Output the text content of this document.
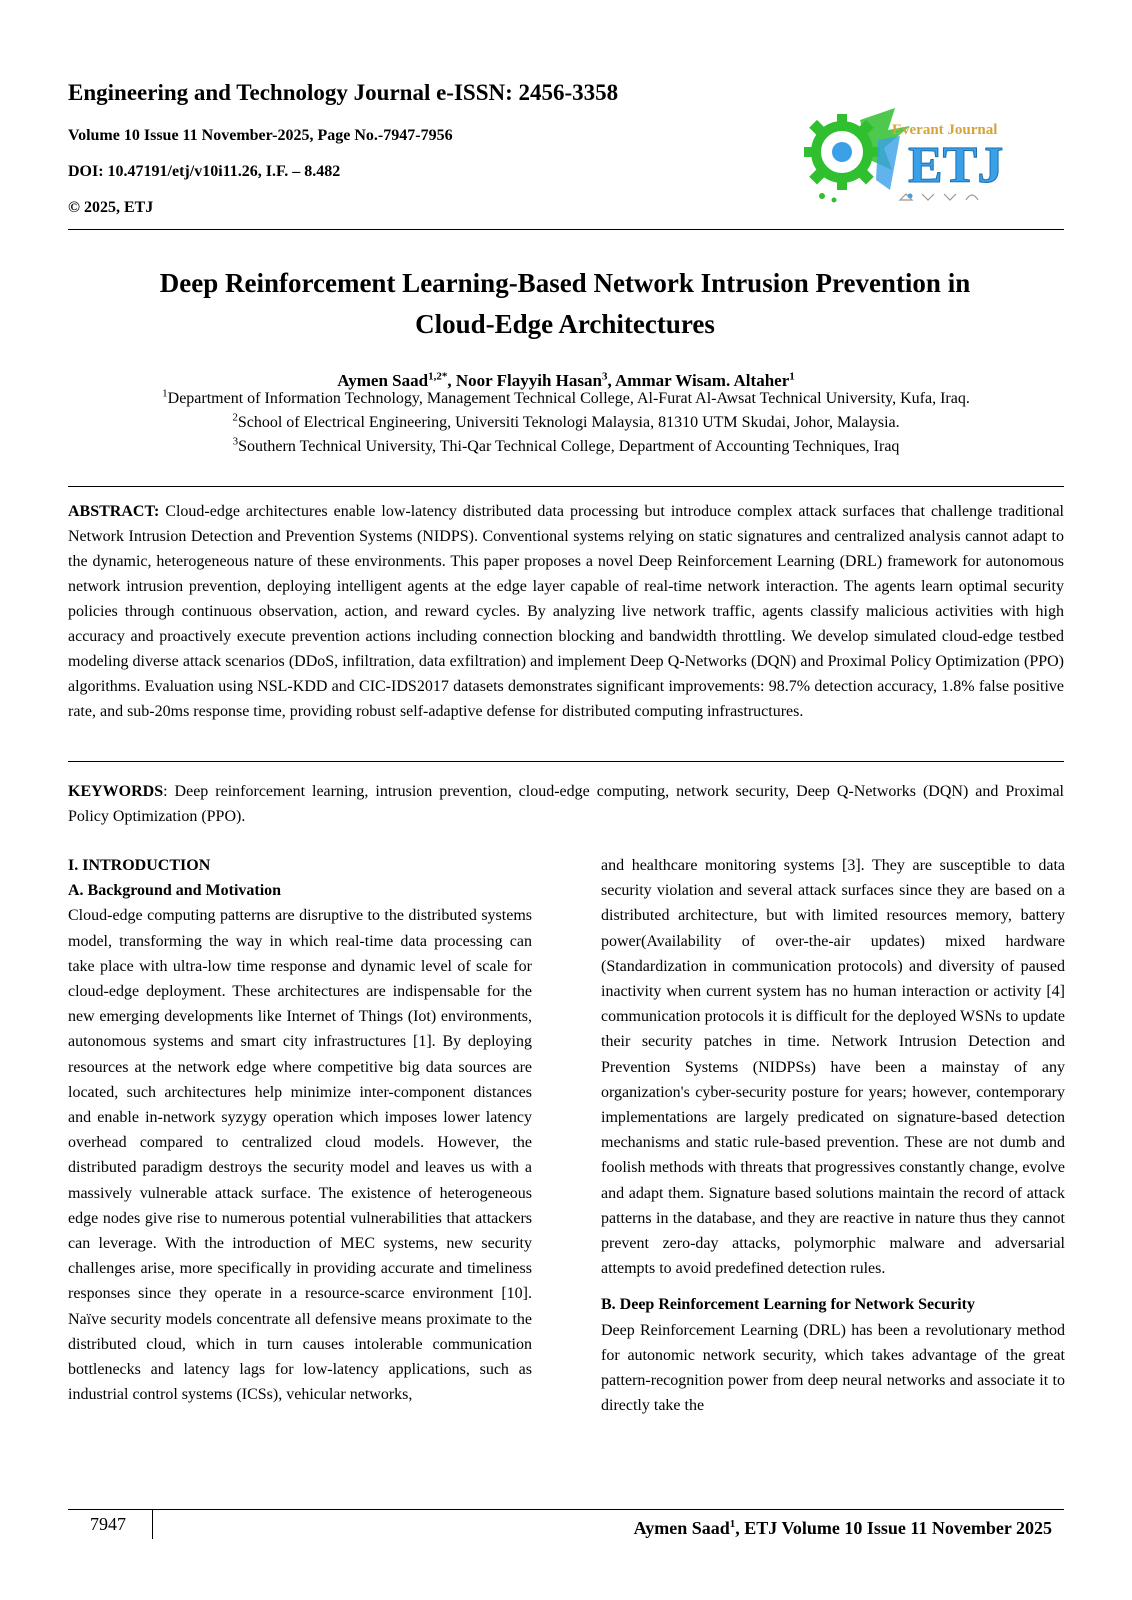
Engineering and Technology Journal e-ISSN: 2456-3358
Volume 10 Issue 11 November-2025, Page No.-7947-7956
DOI: 10.47191/etj/v10i11.26, I.F. – 8.482
© 2025, ETJ
Everant Journal
ETJ
Deep Reinforcement Learning-Based Network Intrusion Prevention in
Cloud-Edge Architectures
Aymen Saad$^{1,2*}$, Noor Flayyih Hasan$^3$, Ammar Wisam. Altaher$^1$
$^1$Department of Information Technology, Management Technical College, Al-Furat Al-Awsat Technical University, Kufa, Iraq.
$^2$School of Electrical Engineering, Universiti Teknologi Malaysia, 81310 UTM Skudai, Johor, Malaysia.
$^3$Southern Technical University, Thi-Qar Technical College, Department of Accounting Techniques, Iraq
ABSTRACT: Cloud-edge architectures enable low-latency distributed data processing but introduce complex attack surfaces that challenge traditional Network Intrusion Detection and Prevention Systems (NIDPS). Conventional systems relying on static signatures and centralized analysis cannot adapt to the dynamic, heterogeneous nature of these environments. This paper proposes a novel Deep Reinforcement Learning (DRL) framework for autonomous network intrusion prevention, deploying intelligent agents at the edge layer capable of real-time network interaction. The agents learn optimal security policies through continuous observation, action, and reward cycles. By analyzing live network traffic, agents classify malicious activities with high accuracy and proactively execute prevention actions including connection blocking and bandwidth throttling. We develop simulated cloud-edge testbed modeling diverse attack scenarios (DDoS, infiltration, data exfiltration) and implement Deep Q-Networks (DQN) and Proximal Policy Optimization (PPO) algorithms. Evaluation using NSL-KDD and CIC-IDS2017 datasets demonstrates significant improvements: 98.7% detection accuracy, 1.8% false positive rate, and sub-20ms response time, providing robust self-adaptive defense for distributed computing infrastructures.
KEYWORDS: Deep reinforcement learning, intrusion prevention, cloud-edge computing, network security, Deep Q-Networks (DQN) and Proximal Policy Optimization (PPO).
I. INTRODUCTION
A. Background and Motivation

Cloud-edge computing patterns are disruptive to the distributed systems model, transforming the way in which real-time data processing can take place with ultra-low time response and dynamic level of scale for cloud-edge deployment. These architectures are indispensable for the new emerging developments like Internet of Things (Iot) environments, autonomous systems and smart city infrastructures [1]. By deploying resources at the network edge where competitive big data sources are located, such architectures help minimize inter-component distances and enable in-network syzygy operation which imposes lower latency overhead compared to centralized cloud models. However, the distributed paradigm destroys the security model and leaves us with a massively vulnerable attack surface. The existence of heterogeneous edge nodes give rise to numerous potential vulnerabilities that attackers can leverage. With the introduction of MEC systems, new security challenges arise, more specifically in providing accurate and timeliness responses since they operate in a resource-scarce environment [10]. Naïve security models concentrate all defensive means proximate to the distributed cloud, which in turn causes intolerable communication bottlenecks and latency lags for low-latency applications, such as industrial control systems (ICSs), vehicular networks,

and healthcare monitoring systems [3]. They are susceptible to data security violation and several attack surfaces since they are based on a distributed architecture, but with limited resources memory, battery power(Availability of over-the-air updates) mixed hardware (Standardization in communication protocols) and diversity of paused inactivity when current system has no human interaction or activity [4] communication protocols it is difficult for the deployed WSNs to update their security patches in time. Network Intrusion Detection and Prevention Systems (NIDPSs) have been a mainstay of any organization's cyber-security posture for years; however, contemporary implementations are largely predicated on signature-based detection mechanisms and static rule-based prevention. These are not dumb and foolish methods with threats that progressives constantly change, evolve and adapt them. Signature based solutions maintain the record of attack patterns in the database, and they are reactive in nature thus they cannot prevent zero-day attacks, polymorphic malware and adversarial attempts to avoid predefined detection rules.

B. Deep Reinforcement Learning for Network Security

Deep Reinforcement Learning (DRL) has been a revolutionary method for autonomic network security, which takes advantage of the great pattern-recognition power from deep neural networks and associate it to directly take the

7947	Aymen Saad$^1$, ETJ Volume 10 Issue 11 November 2025
